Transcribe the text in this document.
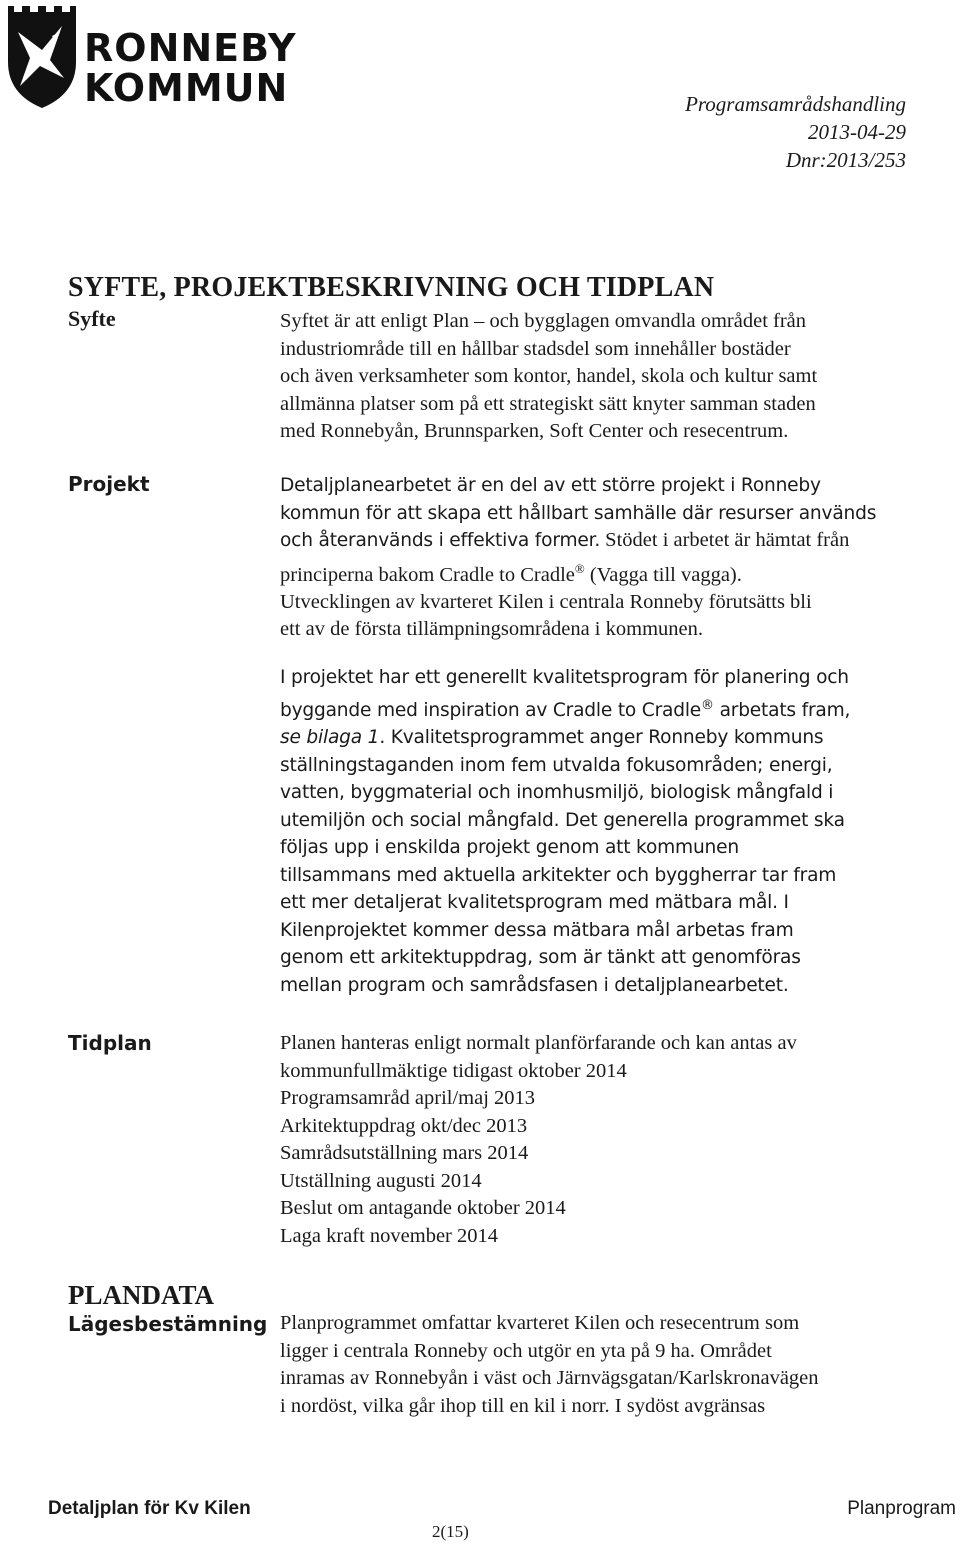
RONNEBY
KOMMUN	Programsamrådshandling
2013-04-29
Dnr:2013/253
SYFTE, PROJEKTBESKRIVNING OCH TIDPLAN
Syfte	Syftet är att enligt Plan – och bygglagen omvandla området från
industriområde till en hållbar stadsdel som innehåller bostäder
och även verksamheter som kontor, handel, skola och kultur samt
allmänna platser som på ett strategiskt sätt knyter samman staden
med Ronnebyån, Brunnsparken, Soft Center och resecentrum.
Projekt	Detaljplanearbetet är en del av ett större projekt i Ronneby
kommun för att skapa ett hållbart samhälle där resurser används
och återanvänds i effektiva former. Stödet i arbetet är hämtat från
principerna bakom Cradle to Cradle® (Vagga till vagga).
Utvecklingen av kvarteret Kilen i centrala Ronneby förutsätts bli
ett av de första tillämpningsområdena i kommunen.
I projektet har ett generellt kvalitetsprogram för planering och
byggande med inspiration av Cradle to Cradle® arbetats fram,
se bilaga 1. Kvalitetsprogrammet anger Ronneby kommuns
ställningstaganden inom fem utvalda fokusområden; energi,
vatten, byggmaterial och inomhusmiljö, biologisk mångfald i
utemiljön och social mångfald. Det generella programmet ska
följas upp i enskilda projekt genom att kommunen
tillsammans med aktuella arkitekter och byggherrar tar fram
ett mer detaljerat kvalitetsprogram med mätbara mål. I
Kilenprojektet kommer dessa mätbara mål arbetas fram
genom ett arkitektuppdrag, som är tänkt att genomföras
mellan program och samrådsfasen i detaljplanearbetet.
Tidplan	Planen hanteras enligt normalt planförfarande och kan antas av
kommunfullmäktige tidigast oktober 2014
Programsamråd april/maj 2013
Arkitektuppdrag okt/dec 2013
Samrådsutställning mars 2014
Utställning augusti 2014
Beslut om antagande oktober 2014
Laga kraft november 2014
PLANDATA
Lägesbestämning Planprogrammet omfattar kvarteret Kilen och resecentrum som
ligger i centrala Ronneby och utgör en yta på 9 ha. Området
inramas av Ronnebyån i väst och Järnvägsgatan/Karlskronavägen
i nordöst, vilka går ihop till en kil i norr. I sydöst avgränsas
Detaljplan för Kv Kilen	Planprogram
2(15)
